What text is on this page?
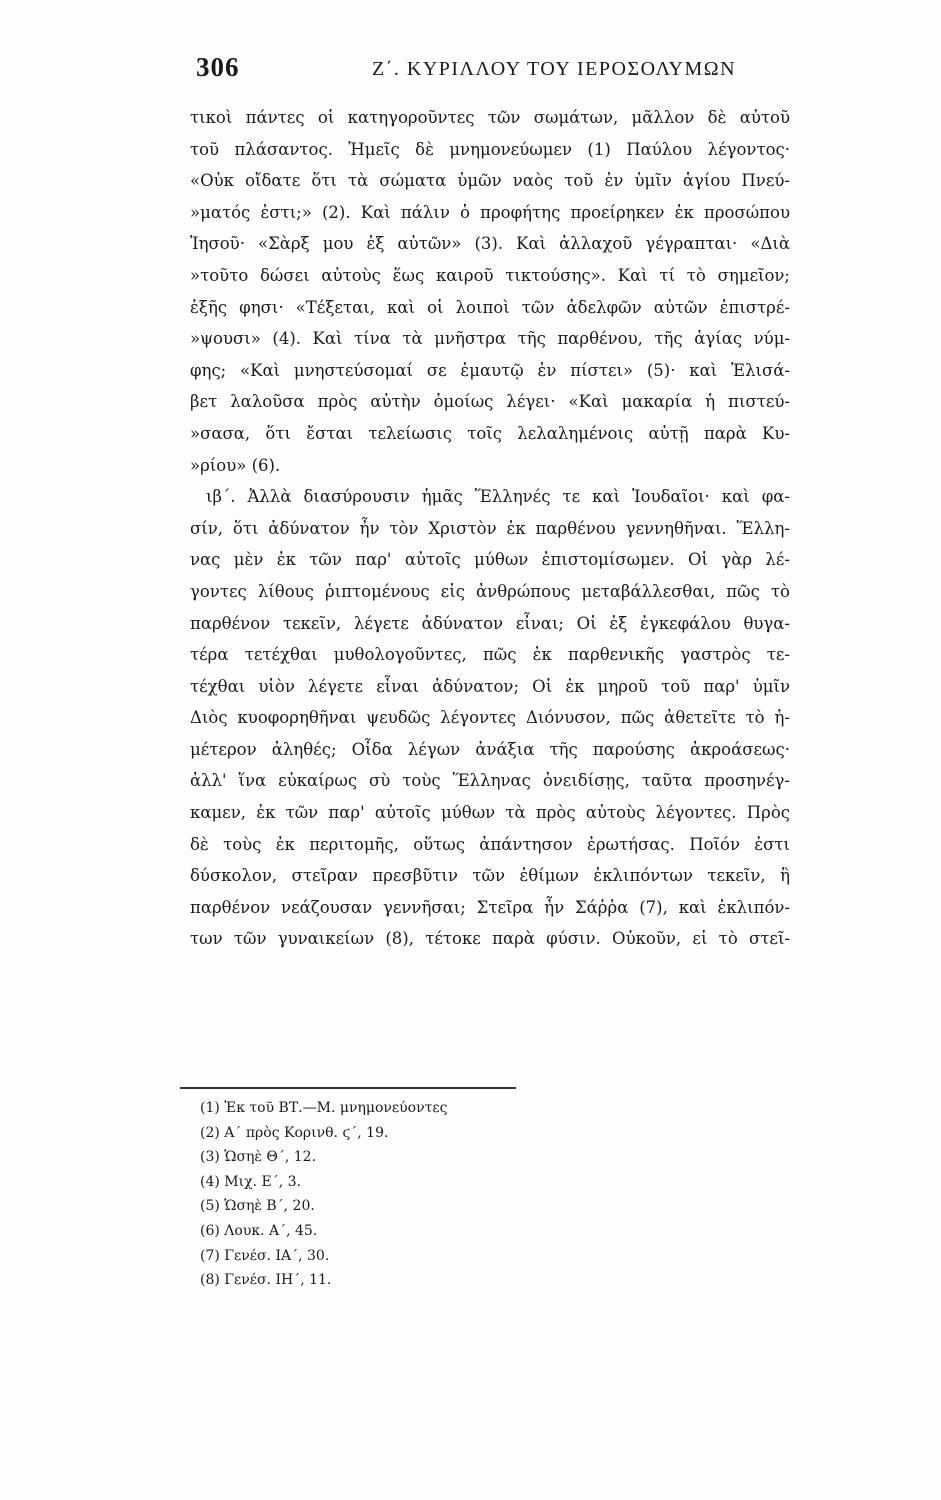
306	Ζ΄. ΚΥΡΙΛΛΟΥ ΤΟΥ ΙΕΡΟΣΟΛΥΜΩΝ
τικοὶ πάντες οἱ κατηγοροῦντες τῶν σωμάτων, μᾶλλον δὲ αὐτοῦ
τοῦ πλάσαντος. Ἡμεῖς δὲ μνημονεύωμεν (1) Παύλου λέγοντος·
«Οὐκ οἴδατε ὅτι τὰ σώματα ὑμῶν ναὸς τοῦ ἐν ὑμῖν ἁγίου Πνεύ-
»ματός ἐστι;» (2). Καὶ πάλιν ὁ προφήτης προείρηκεν ἐκ προσώπου
Ἰησοῦ· «Σὰρξ μου ἐξ αὐτῶν» (3). Καὶ ἀλλαχοῦ γέγραπται· «Διὰ
»τοῦτο δώσει αὐτοὺς ἕως καιροῦ τικτούσης». Καὶ τί τὸ σημεῖον;
ἑξῆς φησι· «Τέξεται, καὶ οἱ λοιποὶ τῶν ἀδελφῶν αὐτῶν ἐπιστρέ-
»ψουσι» (4). Καὶ τίνα τὰ μνῆστρα τῆς παρθένου, τῆς ἁγίας νύμ-
φης; «Καὶ μνηστεύσομαί σε ἐμαυτῷ ἐν πίστει» (5)· καὶ Ἐλισά-
βετ λαλοῦσα πρὸς αὐτὴν ὁμοίως λέγει· «Καὶ μακαρία ἡ πιστεύ-
»σασα, ὅτι ἔσται τελείωσις τοῖς λελαλημένοις αὐτῇ παρὰ Κυ-
»ρίου» (6).
ιβ΄. Ἀλλὰ διασύρουσιν ἡμᾶς Ἕλληνές τε καὶ Ἰουδαῖοι· καὶ φα-
σίν, ὅτι ἀδύνατον ἦν τὸν Χριστὸν ἐκ παρθένου γεννηθῆναι. Ἕλλη-
νας μὲν ἐκ τῶν παρ' αὐτοῖς μύθων ἐπιστομίσωμεν. Οἱ γὰρ λέ-
γοντες λίθους ῥιπτομένους εἰς ἀνθρώπους μεταβάλλεσθαι, πῶς τὸ
παρθένον τεκεῖν, λέγετε ἀδύνατον εἶναι; Οἱ ἐξ ἐγκεφάλου θυγα-
τέρα τετέχθαι μυθολογοῦντες, πῶς ἐκ παρθενικῆς γαστρὸς τε-
τέχθαι υἱὸν λέγετε εἶναι ἀδύνατον; Οἱ ἐκ μηροῦ τοῦ παρ' ὑμῖν
Διὸς κυοφορηθῆναι ψευδῶς λέγοντες Διόνυσον, πῶς ἀθετεῖτε τὸ ἡ-
μέτερον ἀληθές; Οἶδα λέγων ἀνάξια τῆς παρούσης ἀκροάσεως·
ἀλλ' ἵνα εὐκαίρως σὺ τοὺς Ἕλληνας ὀνειδίσῃς, ταῦτα προσηνέγ-
καμεν, ἐκ τῶν παρ' αὐτοῖς μύθων τὰ πρὸς αὐτοὺς λέγοντες. Πρὸς
δὲ τοὺς ἐκ περιτομῆς, οὕτως ἀπάντησον ἐρωτήσας. Ποῖόν ἐστι
δύσκολον, στεῖραν πρεσβῦτιν τῶν ἐθίμων ἐκλιπόντων τεκεῖν, ἢ
παρθένον νεάζουσαν γεννῆσαι; Στεῖρα ἦν Σάῤῥα (7), καὶ ἐκλιπόν-
των τῶν γυναικείων (8), τέτοκε παρὰ φύσιν. Οὐκοῦν, εἰ τὸ στεῖ-
(1) Ἐκ τοῦ ΒΤ.—Μ. μνημονεύοντες
(2) Α΄ πρὸς Κορινθ. ϛ΄, 19.
(3) Ὡσηὲ Θ΄, 12.
(4) Μιχ. Ε΄, 3.
(5) Ὡσηὲ Β΄, 20.
(6) Λουκ. Α΄, 45.
(7) Γενέσ. ΙΑ΄, 30.
(8) Γενέσ. ΙΗ΄, 11.
